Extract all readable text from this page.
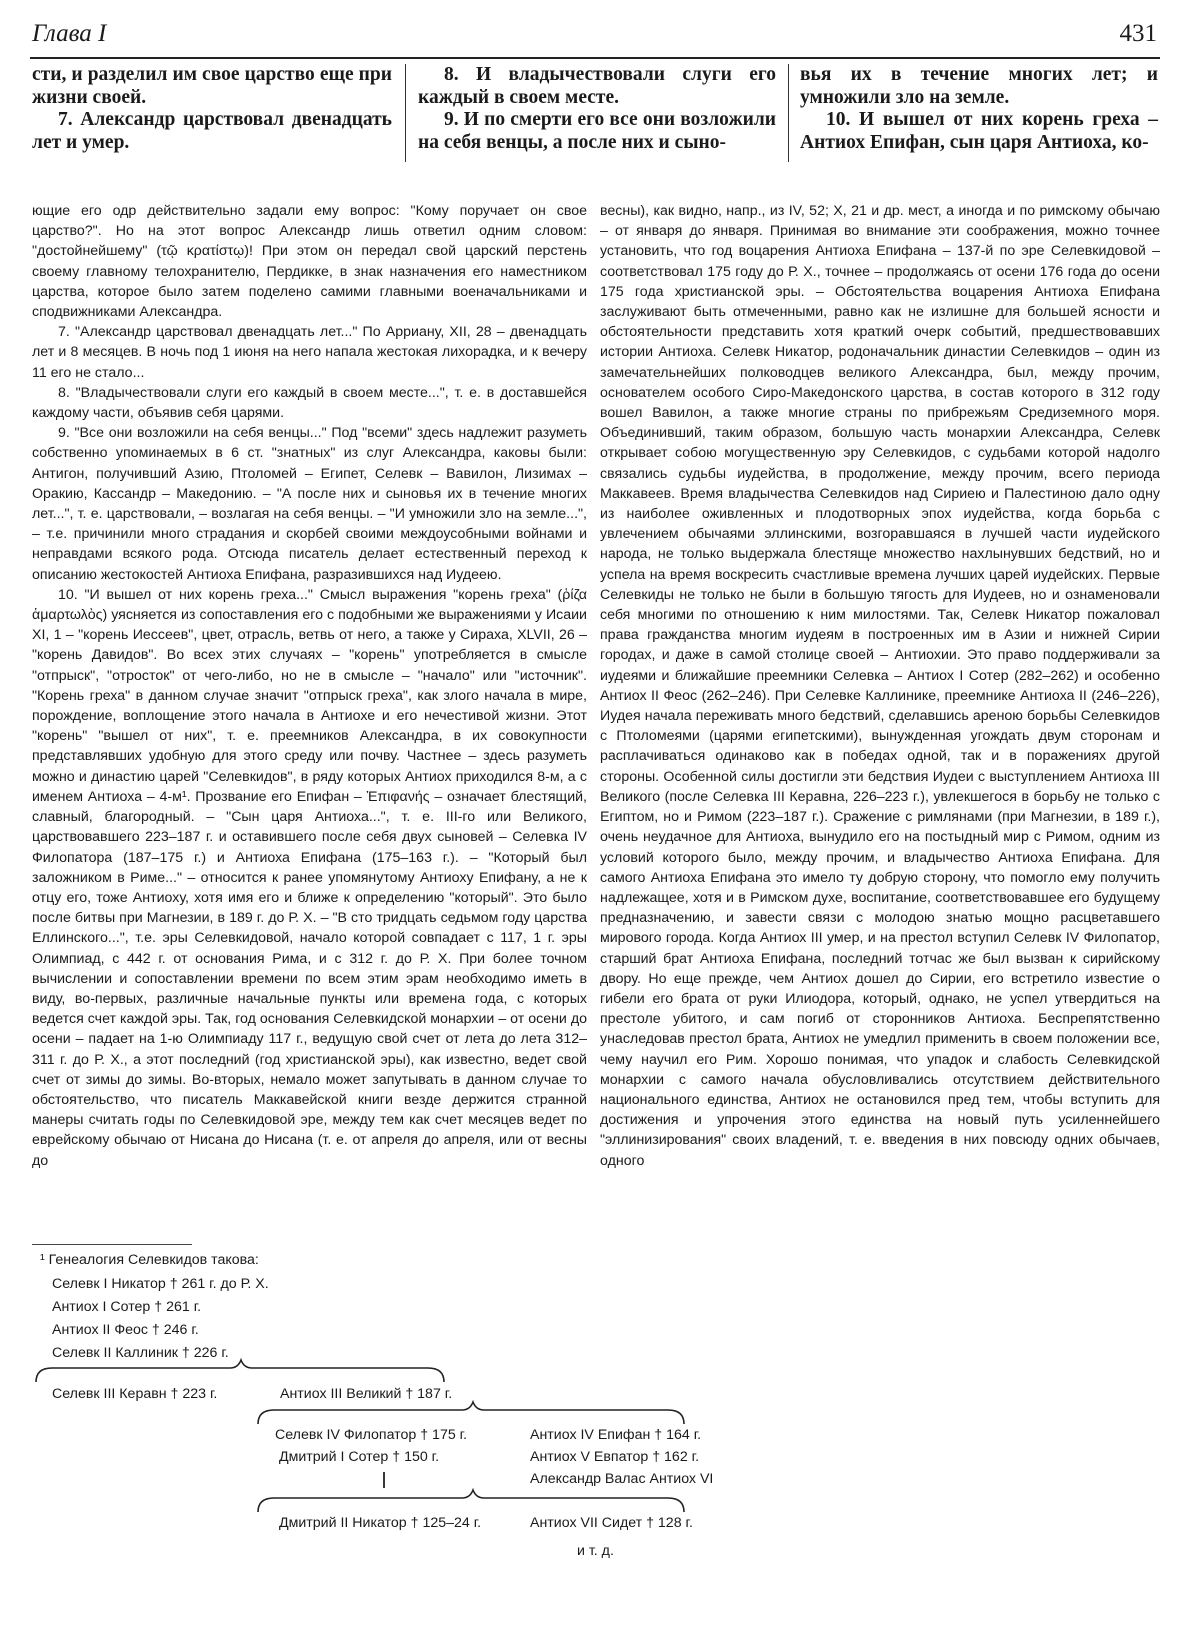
Глава I	431

сти, и разделил им свое царство еще при жизни своей.

7. Александр царствовал двенадцать лет и умер.

8. И владычествовали слуги его каждый в своем месте.

9. И по смерти его все они возложили на себя венцы, а после них и сыно-

вья их в течение многих лет; и умножили зло на земле.

10. И вышел от них корень греха – Антиох Епифан, сын царя Антиоха, ко-

ющие его одр действительно задали ему вопрос: "Кому поручает он свое царство?". Но на этот вопрос Александр лишь ответил одним словом: "достойнейшему" (τῷ κρατίστῳ)! При этом он передал свой царский перстень своему главному телохранителю, Пердикке, в знак назначения его наместником царства, которое было затем поделено самими главными военачальниками и сподвижниками Александра.

7. "Александр царствовал двенадцать лет..." По Арриану, XII, 28 – двенадцать лет и 8 месяцев. В ночь под 1 июня на него напала жестокая лихорадка, и к вечеру 11 его не стало...

8. "Владычествовали слуги его каждый в своем месте...", т. е. в доставшейся каждому части, объявив себя царями.

9. "Все они возложили на себя венцы..." Под "всеми" здесь надлежит разуметь собственно упоминаемых в 6 ст. "знатных" из слуг Александра, каковы были: Антигон, получивший Азию, Птоломей – Египет, Селевк – Вавилон, Лизимах – Оракию, Кассандр – Македонию. – "А после них и сыновья их в течение многих лет...", т. е. царствовали, – возлагая на себя венцы. – "И умножили зло на земле...", – т.е. причинили много страдания и скорбей своими междоусобными войнами и неправдами всякого рода. Отсюда писатель делает естественный переход к описанию жестокостей Антиоха Епифана, разразившихся над Иудеею.

10. "И вышел от них корень греха..." Смысл выражения "корень греха" (ῥίζα ἁμαρτωλὸς) уясняется из сопоставления его с подобными же выражениями у Исаии XI, 1 – "корень Иессеев", цвет, отрасль, ветвь от него, а также у Сираха, XLVII, 26 – "корень Давидов". Во всех этих случаях – "корень" употребляется в смысле "отпрыск", "отросток" от чего-либо, но не в смысле – "начало" или "источник". "Корень греха" в данном случае значит "отпрыск греха", как злого начала в мире, порождение, воплощение этого начала в Антиохе и его нечестивой жизни. Этот "корень" "вышел от них", т. е. преемников Александра, в их совокупности представлявших удобную для этого среду или почву. Частнее – здесь разуметь можно и династию царей "Селевкидов", в ряду которых Антиох приходился 8-м, а с именем Антиоха – 4-м¹. Прозвание его Епифан – Ἐπιφανής – означает блестящий, славный, благородный. – "Сын царя Антиоха...", т. е. III-го или Великого, царствовавшего 223–187 г. и оставившего после себя двух сыновей – Селевка IV Филопатора (187–175 г.) и Антиоха Епифана (175–163 г.). – "Который был заложником в Риме..." – относится к ранее упомянутому Антиоху Епифану, а не к отцу его, тоже Антиоху, хотя имя его и ближе к определению "который". Это было после битвы при Магнезии, в 189 г. до Р. Х. – "В сто тридцать седьмом году царства Еллинского...", т.е. эры Селевкидовой, начало которой совпадает с 117, 1 г. эры Олимпиад, с 442 г. от основания Рима, и с 312 г. до Р. Х. При более точном вычислении и сопоставлении времени по всем этим эрам необходимо иметь в виду, во-первых, различные начальные пункты или времена года, с которых ведется счет каждой эры. Так, год основания Селевкидской монархии – от осени до осени – падает на 1-ю Олимпиаду 117 г., ведущую свой счет от лета до лета 312–311 г. до Р. Х., а этот последний (год христианской эры), как известно, ведет свой счет от зимы до зимы. Во-вторых, немало может запутывать в данном случае то обстоятельство, что писатель Маккавейской книги везде держится странной манеры считать годы по Селевкидовой эре, между тем как счет месяцев ведет по еврейскому обычаю от Нисана до Нисана (т. е. от апреля до апреля, или от весны до

весны), как видно, напр., из IV, 52; X, 21 и др. мест, а иногда и по римскому обычаю – от января до января. Принимая во внимание эти соображения, можно точнее установить, что год воцарения Антиоха Епифана – 137-й по эре Селевкидовой – соответствовал 175 году до Р. Х., точнее – продолжаясь от осени 176 года до осени 175 года христианской эры. – Обстоятельства воцарения Антиоха Епифана заслуживают быть отмеченными, равно как не излишне для большей ясности и обстоятельности представить хотя краткий очерк событий, предшествовавших истории Антиоха. Селевк Никатор, родоначальник династии Селевкидов – один из замечательнейших полководцев великого Александра, был, между прочим, основателем особого Сиро-Македонского царства, в состав которого в 312 году вошел Вавилон, а также многие страны по прибрежьям Средиземного моря. Объединивший, таким образом, большую часть монархии Александра, Селевк открывает собою могущественную эру Селевкидов, с судьбами которой надолго связались судьбы иудейства, в продолжение, между прочим, всего периода Маккавеев. Время владычества Селевкидов над Сириею и Палестиною дало одну из наиболее оживленных и плодотворных эпох иудейства, когда борьба с увлечением обычаями эллинскими, возгоравшаяся в лучшей части иудейского народа, не только выдержала блестяще множество нахлынувших бедствий, но и успела на время воскресить счастливые времена лучших царей иудейских. Первые Селевкиды не только не были в большую тягость для Иудеев, но и ознаменовали себя многими по отношению к ним милостями. Так, Селевк Никатор пожаловал права гражданства многим иудеям в построенных им в Азии и нижней Сирии городах, и даже в самой столице своей – Антиохии. Это право поддерживали за иудеями и ближайшие преемники Селевка – Антиох I Сотер (282–262) и особенно Антиох II Феос (262–246). При Селевке Каллинике, преемнике Антиоха II (246–226), Иудея начала переживать много бедствий, сделавшись ареною борьбы Селевкидов с Птоломеями (царями египетскими), вынужденная угождать двум сторонам и расплачиваться одинаково как в победах одной, так и в поражениях другой стороны. Особенной силы достигли эти бедствия Иудеи с выступлением Антиоха III Великого (после Селевка III Керавна, 226–223 г.), увлекшегося в борьбу не только с Египтом, но и Римом (223–187 г.). Сражение с римлянами (при Магнезии, в 189 г.), очень неудачное для Антиоха, вынудило его на постыдный мир с Римом, одним из условий которого было, между прочим, и владычество Антиоха Епифана. Для самого Антиоха Епифана это имело ту добрую сторону, что помогло ему получить надлежащее, хотя и в Римском духе, воспитание, соответствовавшее его будущему предназначению, и завести связи с молодою знатью мощно расцветавшего мирового города. Когда Антиох III умер, и на престол вступил Селевк IV Филопатор, старший брат Антиоха Епифана, последний тотчас же был вызван к сирийскому двору. Но еще прежде, чем Антиох дошел до Сирии, его встретило известие о гибели его брата от руки Илиодора, который, однако, не успел утвердиться на престоле убитого, и сам погиб от сторонников Антиоха. Беспрепятственно унаследовав престол брата, Антиох не умедлил применить в своем положении все, чему научил его Рим. Хорошо понимая, что упадок и слабость Селевкидской монархии с самого начала обусловливались отсутствием действительного национального единства, Антиох не остановился пред тем, чтобы вступить для достижения и упрочения этого единства на новый путь усиленнейшего "эллинизирования" своих владений, т. е. введения в них повсюду одних обычаев, одного

¹ Генеалогия Селевкидов такова:
Селевк I Никатор † 261 г. до Р. Х.
Антиох I Сотер † 261 г.
Антиох II Феос † 246 г.
Селевк II Каллиник † 226 г.
Селевк III Керавн † 223 г.	Антиох III Великий † 187 г.
Селевк IV Филопатор † 175 г.
Дмитрий I Сотер † 150 г.
Антиох IV Епифан † 164 г.
Антиох V Евпатор † 162 г.
Александр Валас Антиох VI
Дмитрий II Никатор † 125–24 г.	Антиох VII Сидет † 128 г.
и т. д.
